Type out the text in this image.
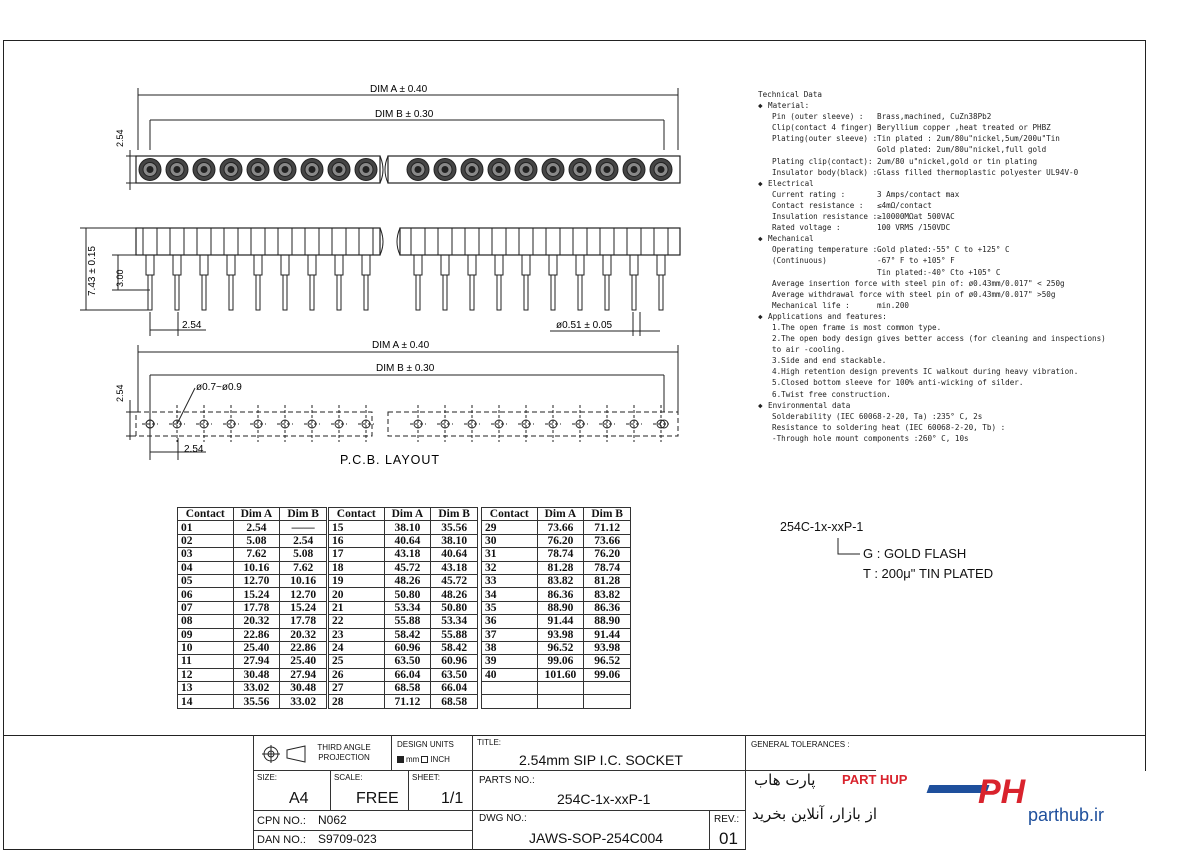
DIM A ± 0.40
DIM B ± 0.30
2.54
7.43 ± 0.15 3.00
2.54	ø0.51 ± 0.05
DIM A ± 0.40
DIM B ± 0.30
2.54	ø0.7~ø0.9
2.54
P.C.B. LAYOUT
Technical Data
◆ Material:
Pin (outer sleeve) :	Brass,machined, CuZn38Pb2
Clip(contact 4 finger) :
Beryllium copper ,heat treated or PHBZ
Plating(outer sleeve) : Tin plated : 2um/80u"nickel,5um/200u"Tin
Gold plated: 2um/80u"nickel,full gold
Plating clip(contact): 2um/80 u"nickel,gold or tin plating
Insulator body(black) : Glass filled thermoplastic polyester UL94V-0
◆ Electrical
Current rating :	3 Amps/contact max
Contact resistance :	≤4mΩ/contact
Insulation resistance : ≥10000MΩat 500VAC
Rated voltage :	100 VRMS /150VDC
◆ Mechanical
Operating temperature : Gold plated:-55° C to +125° C
(Continuous)	-67° F to +105° F
Tin plated:-40° Cto +105° C
Average insertion force with steel pin of: ø0.43mm/0.017" < 250g
Average withdrawal force with steel pin of ø0.43mm/0.017" >50g
Mechanical life :	min.200
◆ Applications and features:
1.The open frame is most common type.
2.The open body design gives better access (for cleaning and inspections)
to air -cooling.
3.Side and end stackable.
4.High retention design prevents IC walkout during heavy vibration.
5.Closed bottom sleeve for 100% anti-wicking of silder.
6.Twist free construction.
◆ Environmental data
Solderability (IEC 60068-2-20, Ta) :235° C, 2s
Resistance to soldering heat (IEC 60068-2-20, Tb) :
-Through hole mount components :260° C, 10s
Contact	Dim A	Dim B
01	2.54	——
02	5.08	2.54
03	7.62	5.08
04	10.16	7.62
05	12.70	10.16
06	15.24	12.70
07	17.78	15.24
08	20.32	17.78
09	22.86	20.32
10	25.40	22.86
11	27.94	25.40
12	30.48	27.94
13	33.02	30.48
14	35.56	33.02
Contact	Dim A	Dim B
15	38.10	35.56
16	40.64	38.10
17	43.18	40.64
18	45.72	43.18
19	48.26	45.72
20	50.80	48.26
21	53.34	50.80
22	55.88	53.34
23	58.42	55.88
24	60.96	58.42
25	63.50	60.96
26	66.04	63.50
27	68.58	66.04
28	71.12	68.58
Contact	Dim A	Dim B
29	73.66	71.12
30	76.20	73.66
31	78.74	76.20
32	81.28	78.74
33	83.82	81.28
34	86.36	83.82
35	88.90	86.36
36	91.44	88.90
37	93.98	91.44
38	96.52	93.98
39	99.06	96.52
40	101.60	99.06

254C-1x-xxP-1
G : GOLD FLASH
T : 200μ" TIN PLATED
THIRD ANGLE
PROJECTION
DESIGN UNITS
mm INCH
TITLE:
2.54mm SIP I.C. SOCKET
GENERAL TOLERANCES :
SIZE:
A4
SCALE:
FREE
SHEET:
1/1
PARTS NO.:
254C-1x-xxP-1
CPN NO.: N062
DAN NO.: S9709-023
DWG NO.:
JAWS-SOP-254C004
REV.:
01
PART HUP
پارت هاب
از بازار، آنلاین بخرید
PH
parthub.ir
